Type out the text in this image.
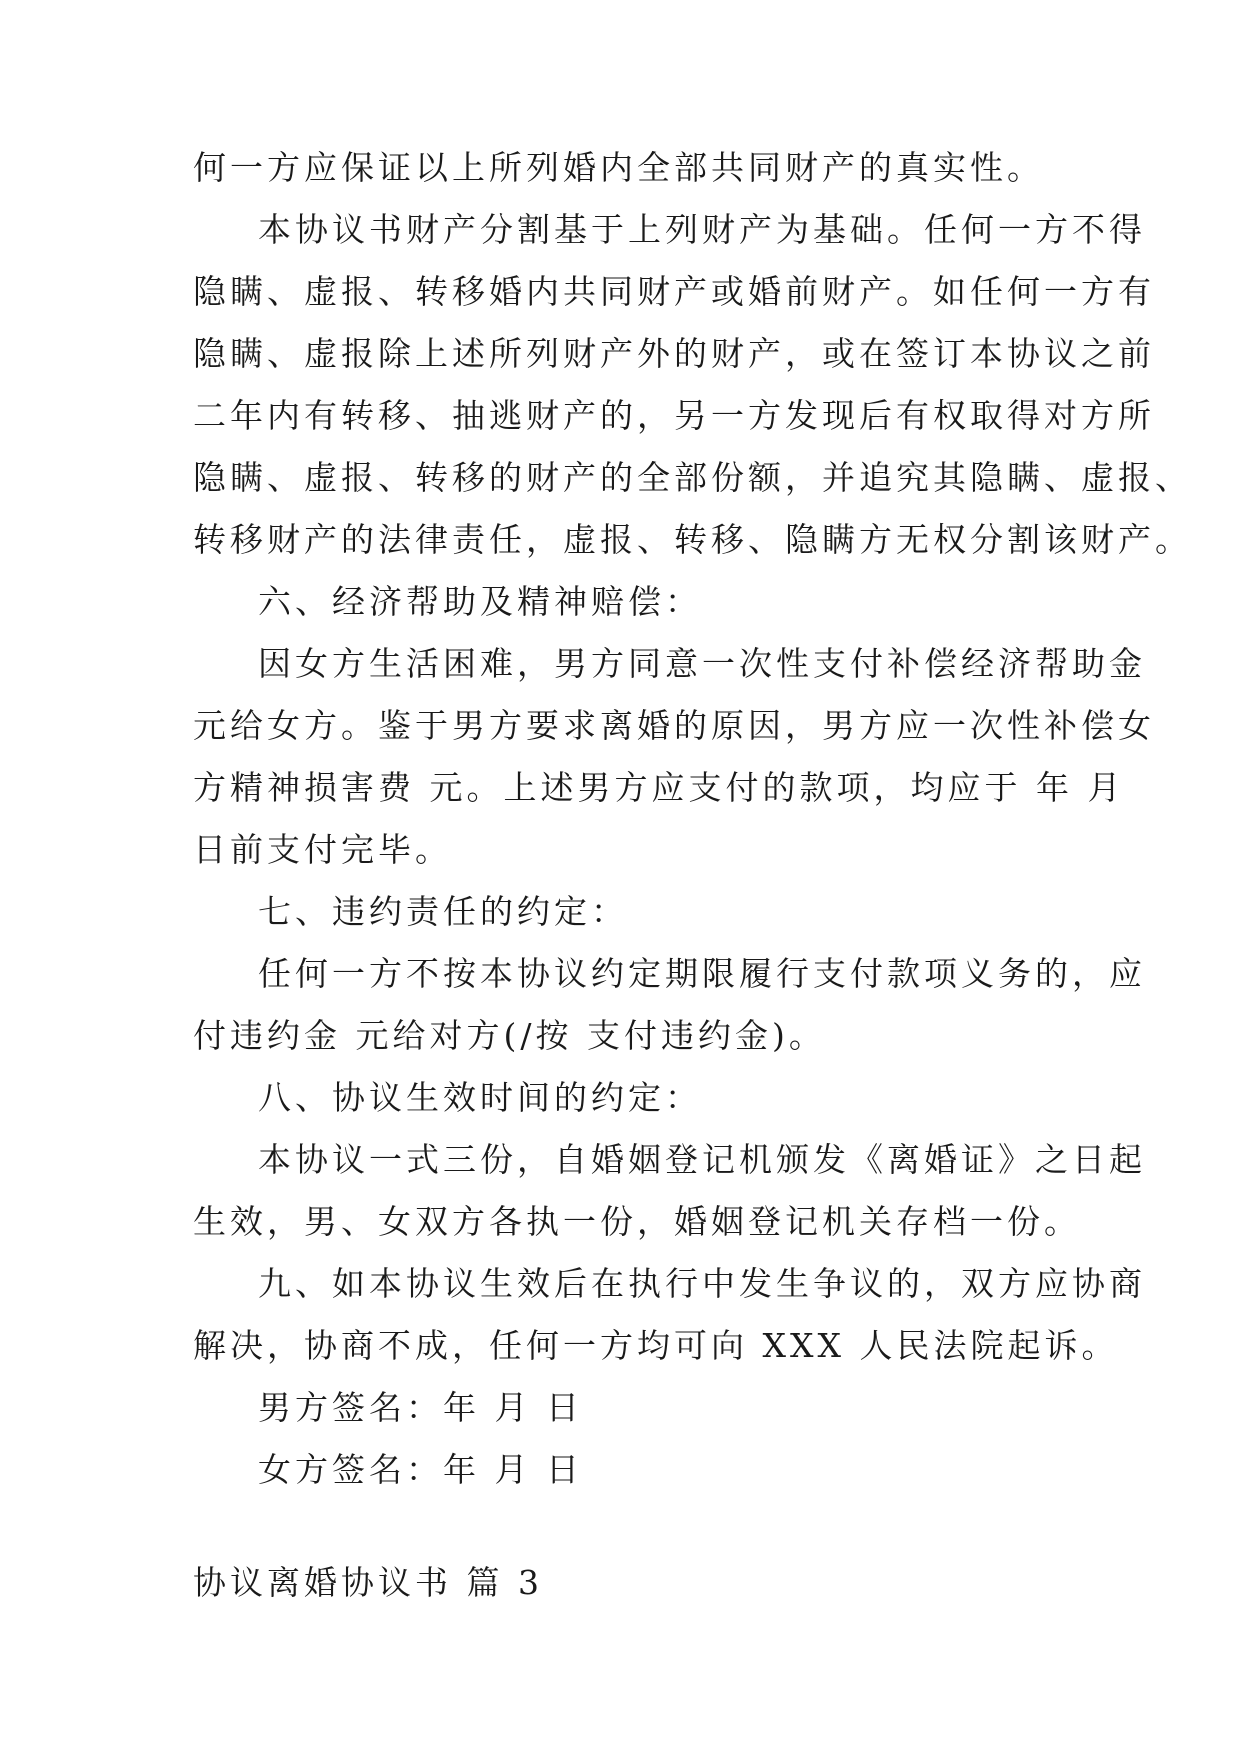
何一方应保证以上所列婚内全部共同财产的真实性。
本协议书财产分割基于上列财产为基础。任何一方不得
隐瞒、虚报、转移婚内共同财产或婚前财产。如任何一方有
隐瞒、虚报除上述所列财产外的财产，或在签订本协议之前
二年内有转移、抽逃财产的，另一方发现后有权取得对方所
隐瞒、虚报、转移的财产的全部份额，并追究其隐瞒、虚报、
转移财产的法律责任，虚报、转移、隐瞒方无权分割该财产。
六、经济帮助及精神赔偿：
因女方生活困难，男方同意一次性支付补偿经济帮助金
元给女方。鉴于男方要求离婚的原因，男方应一次性补偿女
方精神损害费 元。上述男方应支付的款项，均应于 年 月
日前支付完毕。
七、违约责任的约定：
任何一方不按本协议约定期限履行支付款项义务的，应
付违约金 元给对方(/按 支付违约金)。
八、协议生效时间的约定：
本协议一式三份，自婚姻登记机颁发《离婚证》之日起
生效，男、女双方各执一份，婚姻登记机关存档一份。
九、如本协议生效后在执行中发生争议的，双方应协商
解决，协商不成，任何一方均可向 XXX 人民法院起诉。
男方签名：年 月 日
女方签名：年 月 日
协议离婚协议书 篇 3
